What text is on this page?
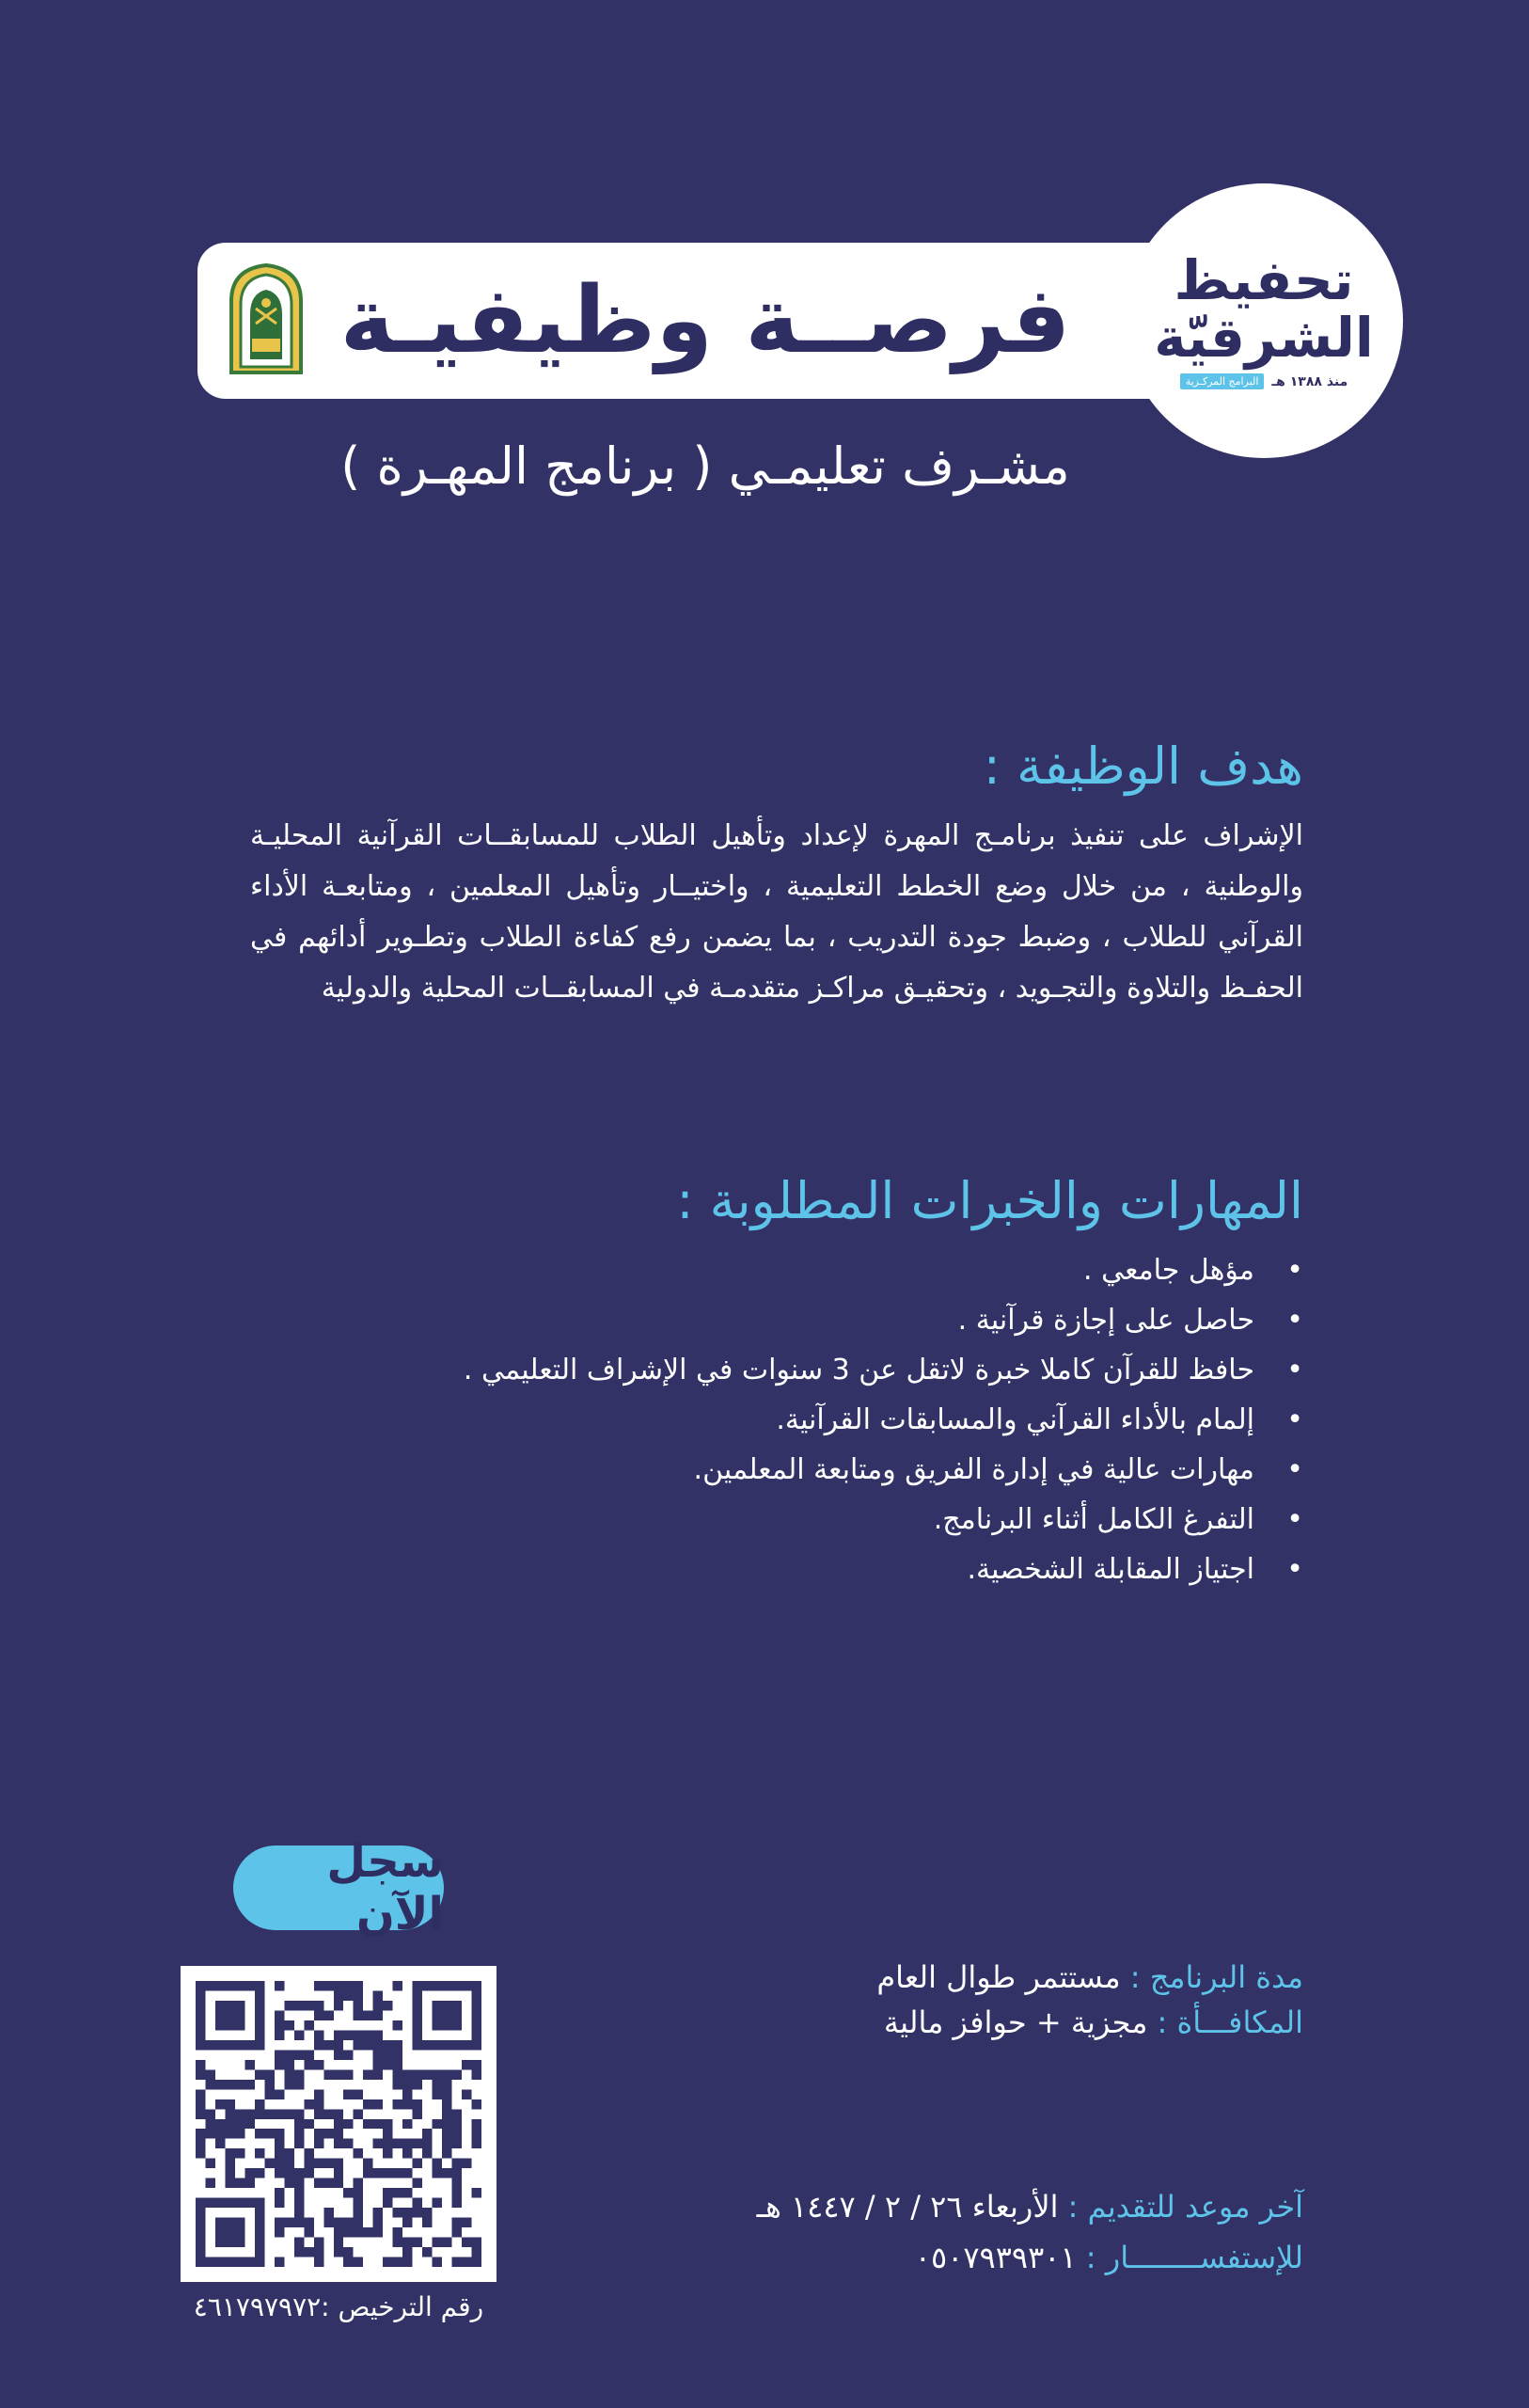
فرصــة وظيفيـة	تحفيظ
الشرقيّة
منذ ١٣٨٨ هـ
البرامج المركـزية
مشـرف تعليمـي ( برنامج المهـرة )
هدف الوظيفة :
الإشراف على تنفيذ برنامـج المهرة لإعداد وتأهيل الطلاب للمسابقــات القرآنية المحليـة والوطنية ، من خلال وضع الخطط التعليمية ، واختيــار وتأهيل المعلمين ، ومتابعـة الأداء القرآني للطلاب ، وضبط جودة التدريب ، بما يضمن رفع كفاءة الطلاب وتطـوير أدائهم في الحفـظ والتلاوة والتجـويد ، وتحقيـق مراكـز متقدمـة في المسابقــات المحلية والدولية
المهارات والخبرات المطلوبة :
• مؤهل جامعي .
• حاصل على إجازة قرآنية .
• حافظ للقرآن كاملا خبرة لاتقل عن 3 سنوات في الإشراف التعليمي .
• إلمام بالأداء القرآني والمسابقات القرآنية.
• مهارات عالية في إدارة الفريق ومتابعة المعلمين.
• التفرغ الكامل أثناء البرنامج.
• اجتياز المقابلة الشخصية.
سجل الآن
رقم الترخيص :٤٦١٧٩٧٩٧٢
مدة البرنامج : مستتمر طوال العام
المكافـــأة : مجزية + حوافز مالية
آخر موعد للتقديم : الأربعاء ٢٦ / ٢ / ١٤٤٧ هـ
للإستفســــــــار : ٠٥٠٧٩٣٩٣٠١
